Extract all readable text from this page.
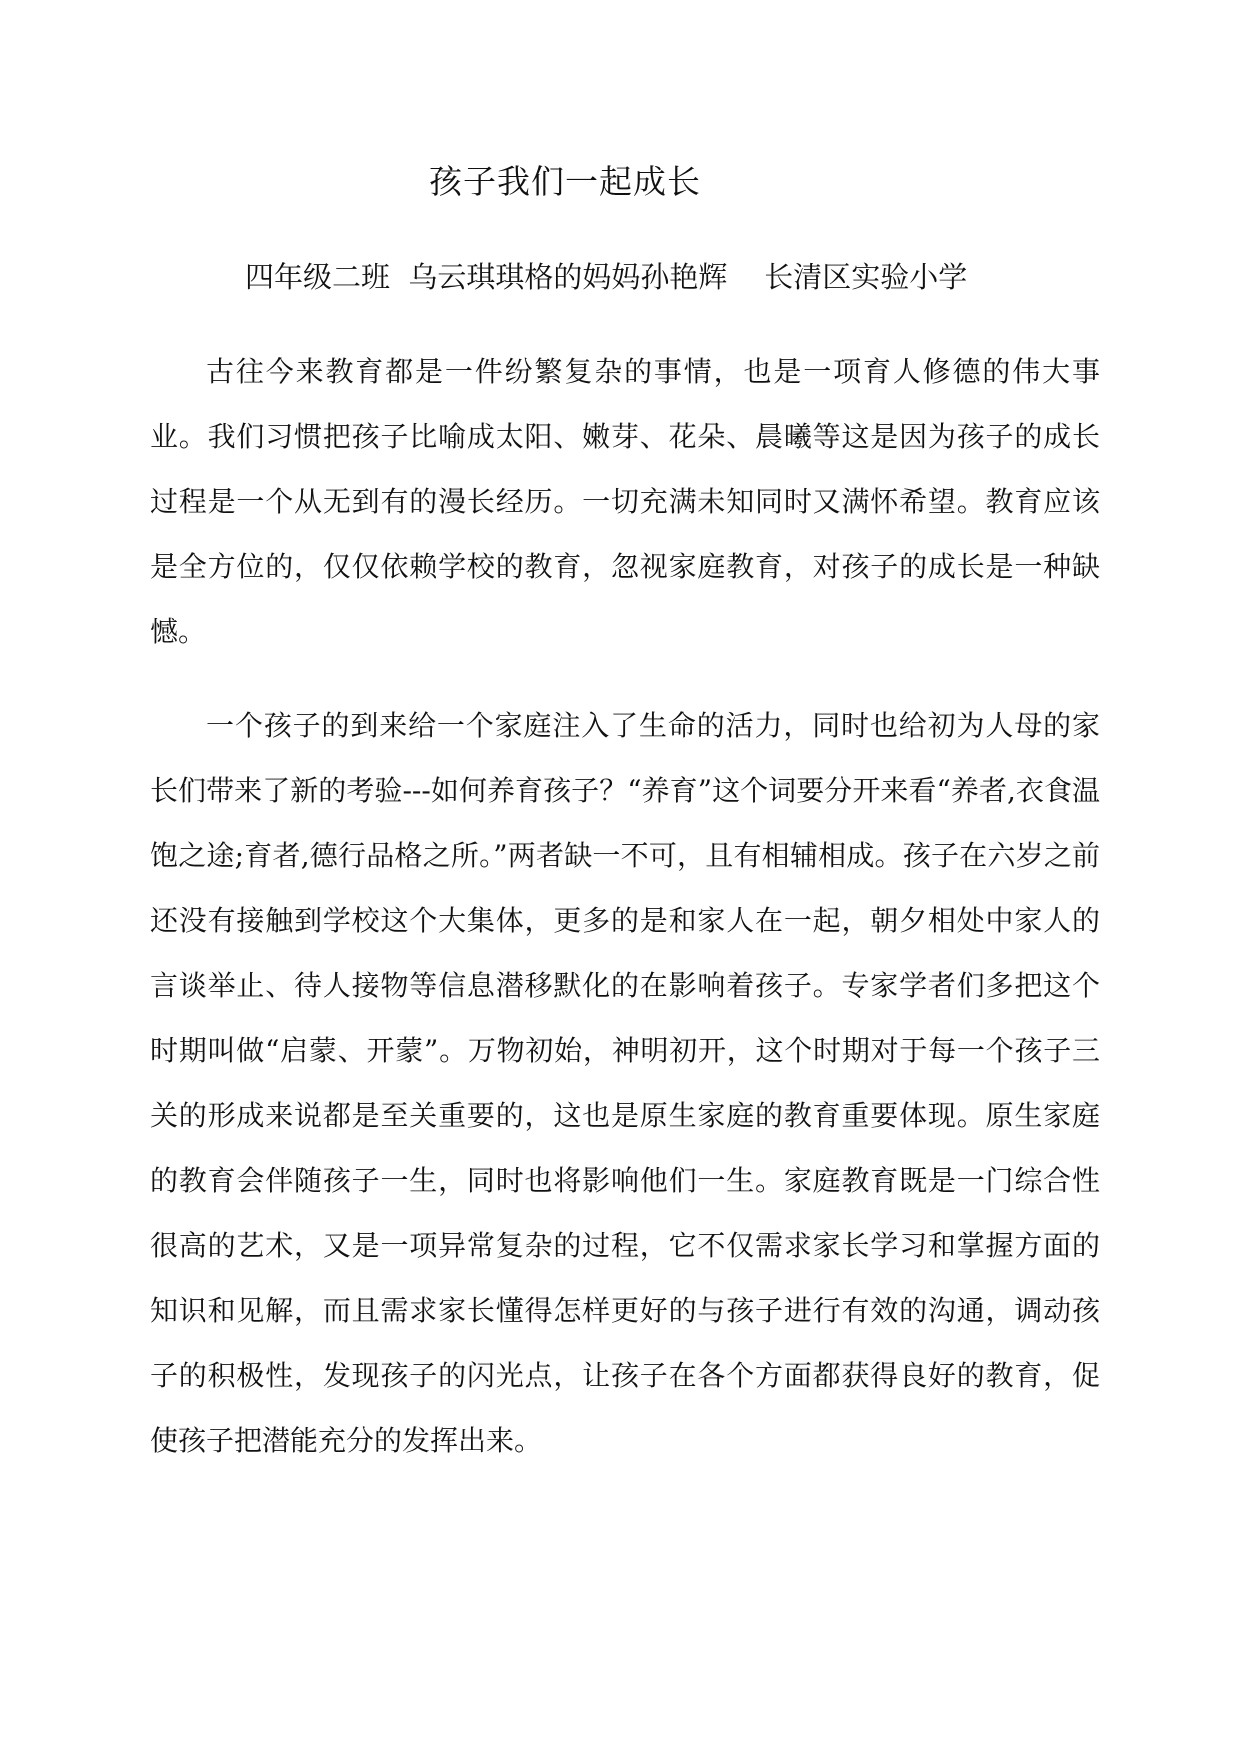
孩子我们一起成长

四年级二班  乌云琪琪格的妈妈孙艳辉    长清区实验小学

古往今来教育都是一件纷繁复杂的事情，也是一项育人修德的伟大事业。我们习惯把孩子比喻成太阳、嫩芽、花朵、晨曦等这是因为孩子的成长过程是一个从无到有的漫长经历。一切充满未知同时又满怀希望。教育应该是全方位的，仅仅依赖学校的教育，忽视家庭教育，对孩子的成长是一种缺憾。

一个孩子的到来给一个家庭注入了生命的活力，同时也给初为人母的家长们带来了新的考验---如何养育孩子？“养育”这个词要分开来看“养者,衣食温饱之途;育者,德行品格之所。”两者缺一不可，且有相辅相成。孩子在六岁之前还没有接触到学校这个大集体，更多的是和家人在一起，朝夕相处中家人的言谈举止、待人接物等信息潜移默化的在影响着孩子。专家学者们多把这个时期叫做“启蒙、开蒙”。万物初始，神明初开，这个时期对于每一个孩子三关的形成来说都是至关重要的，这也是原生家庭的教育重要体现。原生家庭的教育会伴随孩子一生，同时也将影响他们一生。家庭教育既是一门综合性很高的艺术，又是一项异常复杂的过程，它不仅需求家长学习和掌握方面的知识和见解，而且需求家长懂得怎样更好的与孩子进行有效的沟通，调动孩子的积极性，发现孩子的闪光点，让孩子在各个方面都获得良好的教育，促使孩子把潜能充分的发挥出来。
